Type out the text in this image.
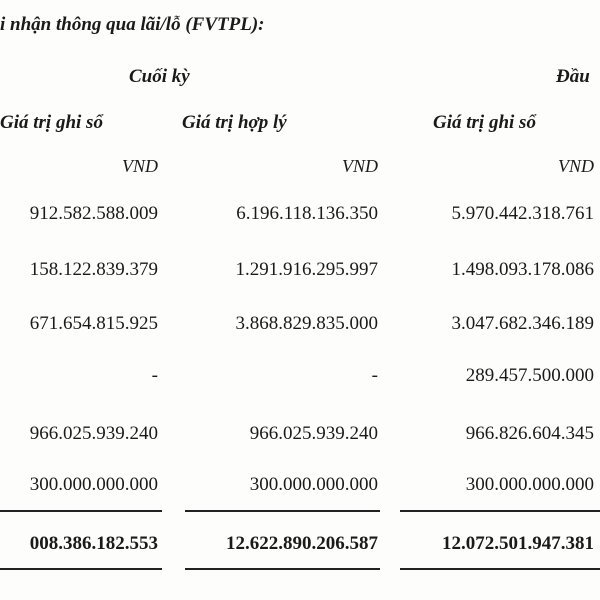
i nhận thông qua lãi/lỗ (FVTPL):
Cuối kỳ	Đầu
Giá trị ghi sổ	Giá trị hợp lý	Giá trị ghi sổ
VND	VND	VND
912.582.588.009	6.196.118.136.350	5.970.442.318.761
158.122.839.379	1.291.916.295.997	1.498.093.178.086
671.654.815.925	3.868.829.835.000	3.047.682.346.189
-	-	289.457.500.000
966.025.939.240	966.025.939.240	966.826.604.345
300.000.000.000	300.000.000.000	300.000.000.000
008.386.182.553	12.622.890.206.587	12.072.501.947.381
